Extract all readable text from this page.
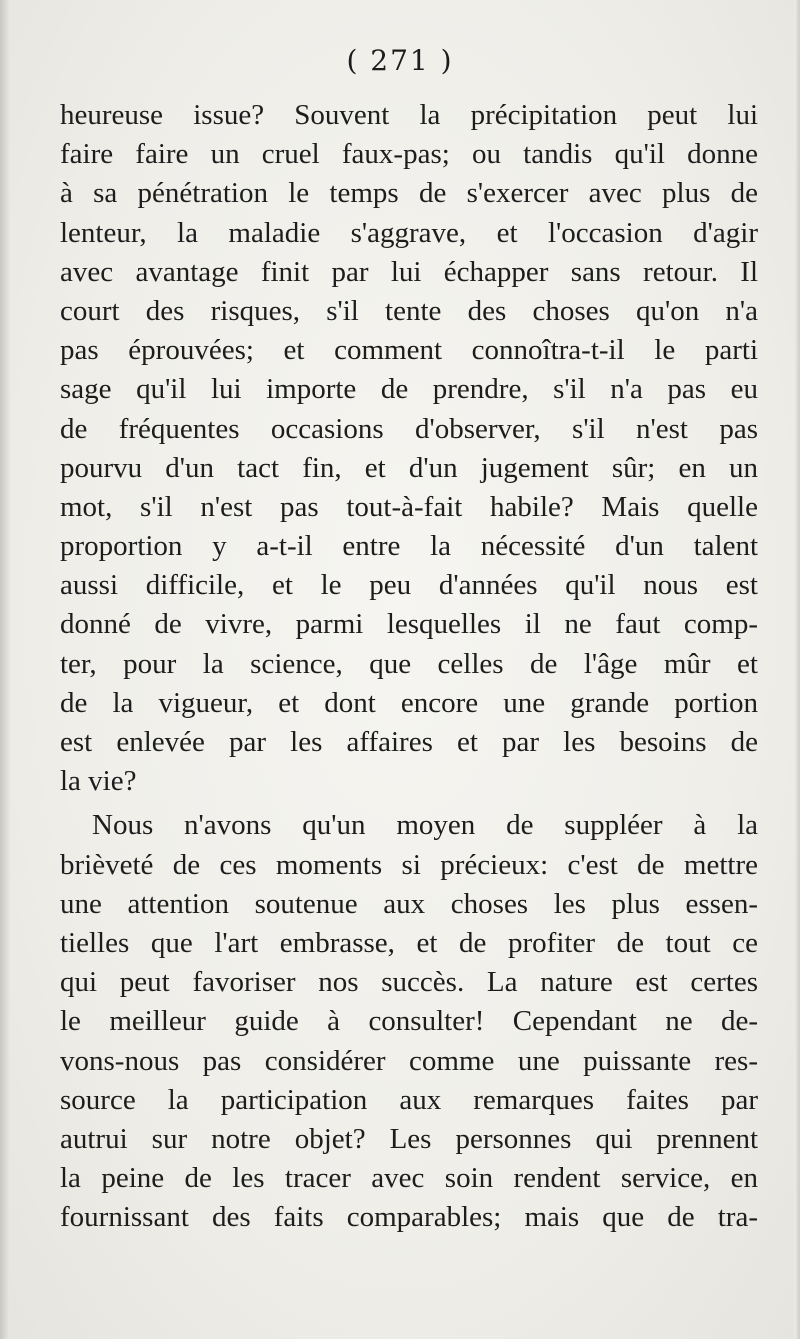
( 271 )
heureuse issue? Souvent la précipitation peut lui
faire faire un cruel faux-pas; ou tandis qu'il donne
à sa pénétration le temps de s'exercer avec plus de
lenteur, la maladie s'aggrave, et l'occasion d'agir
avec avantage finit par lui échapper sans retour. Il
court des risques, s'il tente des choses qu'on n'a
pas éprouvées; et comment connoîtra-t-il le parti
sage qu'il lui importe de prendre, s'il n'a pas eu
de fréquentes occasions d'observer, s'il n'est pas
pourvu d'un tact fin, et d'un jugement sûr; en un
mot, s'il n'est pas tout-à-fait habile? Mais quelle
proportion y a-t-il entre la nécessité d'un talent
aussi difficile, et le peu d'années qu'il nous est
donné de vivre, parmi lesquelles il ne faut comp-
ter, pour la science, que celles de l'âge mûr et
de la vigueur, et dont encore une grande portion
est enlevée par les affaires et par les besoins de
la vie?
Nous n'avons qu'un moyen de suppléer à la
brièveté de ces moments si précieux: c'est de mettre
une attention soutenue aux choses les plus essen-
tielles que l'art embrasse, et de profiter de tout ce
qui peut favoriser nos succès. La nature est certes
le meilleur guide à consulter! Cependant ne de-
vons-nous pas considérer comme une puissante res-
source la participation aux remarques faites par
autrui sur notre objet? Les personnes qui prennent
la peine de les tracer avec soin rendent service, en
fournissant des faits comparables; mais que de tra-
